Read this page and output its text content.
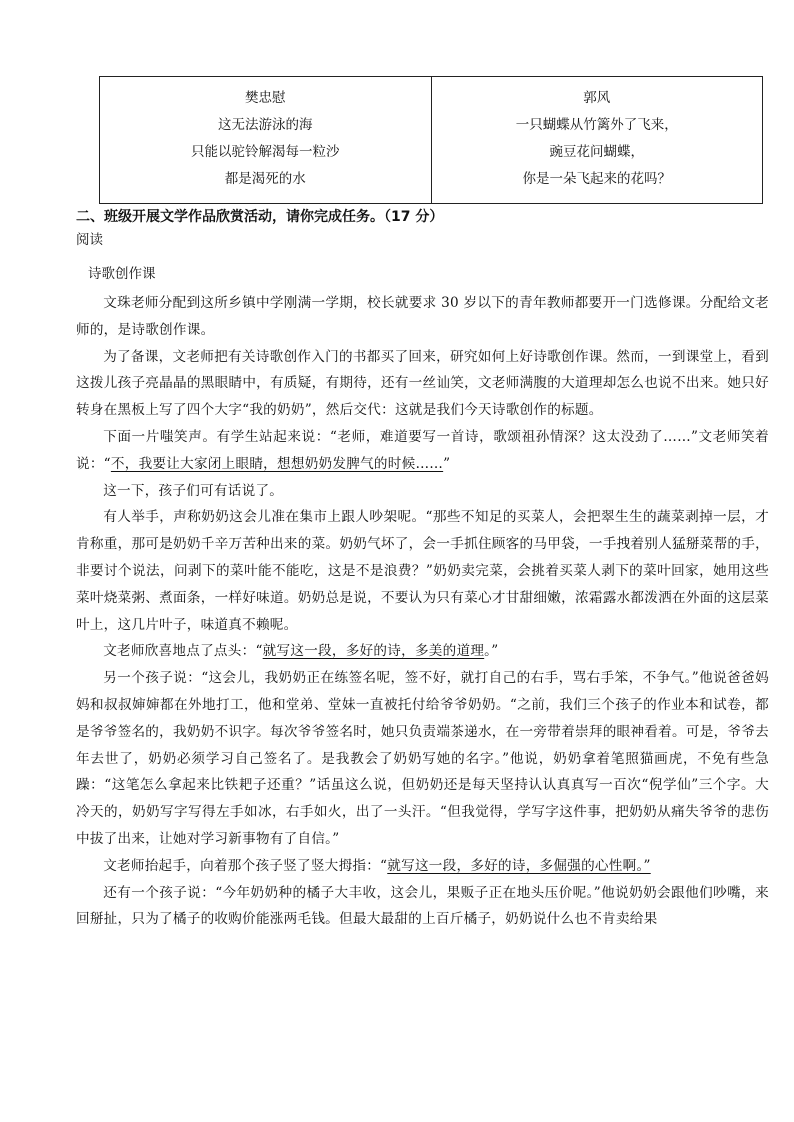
樊忠慰
这无法游泳的海
只能以驼铃解渴每一粒沙
都是渴死的水

郭风
一只蝴蝶从竹篱外了飞来，
豌豆花问蝴蝶，
你是一朵飞起来的花吗？
二、班级开展文学作品欣赏活动，请你完成任务。（17 分）
阅读
诗歌创作课

文珠老师分配到这所乡镇中学刚满一学期，校长就要求 30 岁以下的青年教师都要开一门选修课。分配给文老师的，是诗歌创作课。

为了备课，文老师把有关诗歌创作入门的书都买了回来，研究如何上好诗歌创作课。然而，一到课堂上，看到这拨儿孩子亮晶晶的黑眼睛中，有质疑，有期待，还有一丝讪笑，文老师满腹的大道理却怎么也说不出来。她只好转身在黑板上写了四个大字“我的奶奶”，然后交代：这就是我们今天诗歌创作的标题。

下面一片嗤笑声。有学生站起来说：“老师，难道要写一首诗，歌颂祖孙情深？这太没劲了……”文老师笑着说：“不，我要让大家闭上眼睛，想想奶奶发脾气的时候……”

这一下，孩子们可有话说了。

有人举手，声称奶奶这会儿准在集市上跟人吵架呢。“那些不知足的买菜人，会把翠生生的蔬菜剥掉一层，才肯称重，那可是奶奶千辛万苦种出来的菜。奶奶气坏了，会一手抓住顾客的马甲袋，一手拽着别人猛掰菜帮的手，非要讨个说法，问剥下的菜叶能不能吃，这是不是浪费？”奶奶卖完菜，会挑着买菜人剥下的菜叶回家，她用这些菜叶烧菜粥、煮面条，一样好味道。奶奶总是说，不要认为只有菜心才甘甜细嫩，浓霜露水都泼洒在外面的这层菜叶上，这几片叶子，味道真不赖呢。

文老师欣喜地点了点头：“就写这一段，多好的诗，多美的道理。”

另一个孩子说：“这会儿，我奶奶正在练签名呢，签不好，就打自己的右手，骂右手笨，不争气。”他说爸爸妈妈和叔叔婶婶都在外地打工，他和堂弟、堂妹一直被托付给爷爷奶奶。“之前，我们三个孩子的作业本和试卷，都是爷爷签名的，我奶奶不识字。每次爷爷签名时，她只负责端茶递水，在一旁带着崇拜的眼神看着。可是，爷爷去年去世了，奶奶必须学习自己签名了。是我教会了奶奶写她的名字。”他说，奶奶拿着笔照猫画虎，不免有些急躁：“这笔怎么拿起来比铁耙子还重？”话虽这么说，但奶奶还是每天坚持认认真真写一百次“倪学仙”三个字。大冷天的，奶奶写字写得左手如冰，右手如火，出了一头汗。“但我觉得，学写字这件事，把奶奶从痛失爷爷的悲伤中拔了出来，让她对学习新事物有了自信。”

文老师抬起手，向着那个孩子竖了竖大拇指：“就写这一段，多好的诗，多倔强的心性啊。”

还有一个孩子说：“今年奶奶种的橘子大丰收，这会儿，果贩子正在地头压价呢。”他说奶奶会跟他们吵嘴，来回掰扯，只为了橘子的收购价能涨两毛钱。但最大最甜的上百斤橘子，奶奶说什么也不肯卖给果
